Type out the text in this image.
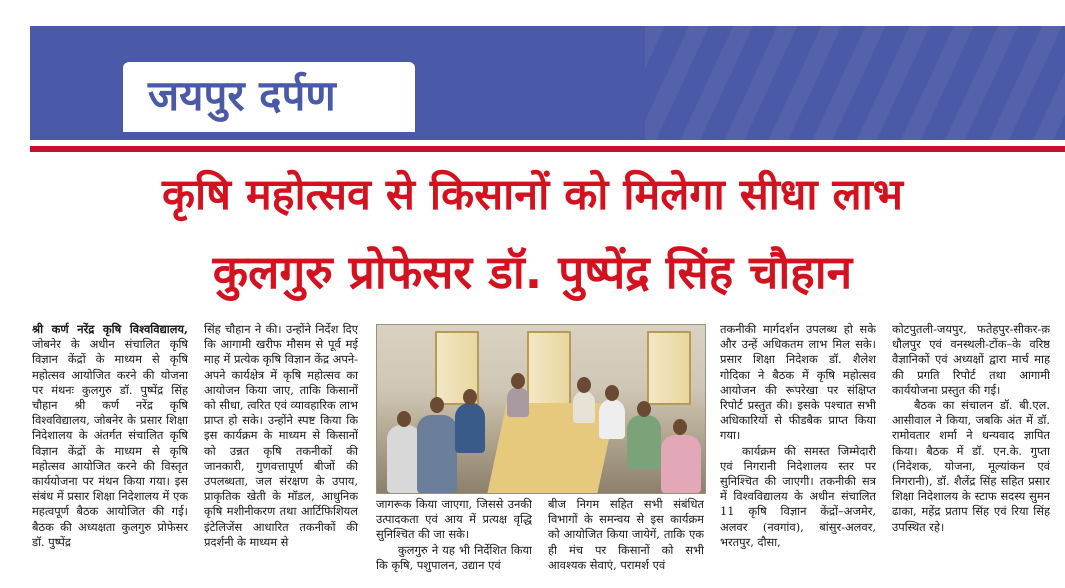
जयपुर दर्पण
कृषि महोत्सव से किसानों को मिलेगा सीधा लाभ
कुलगुरु प्रोफेसर डॉ. पुष्पेंद्र सिंह चौहान

श्री कर्ण नरेंद्र कृषि विश्वविद्यालय, जोबनेर के अधीन संचालित कृषि विज्ञान केंद्रों के माध्यम से कृषि महोत्सव आयोजित करने की योजना पर मंथनः कुलगुरु डॉ. पुष्पेंद्र सिंह चौहान श्री कर्ण नरेंद्र कृषि विश्वविद्यालय, जोबनेर के प्रसार शिक्षा निदेशालय के अंतर्गत संचालित कृषि विज्ञान केंद्रों के माध्यम से कृषि महोत्सव आयोजित करने की विस्तृत कार्ययोजना पर मंथन किया गया। इस संबंध में प्रसार शिक्षा निदेशालय में एक महत्वपूर्ण बैठक आयोजित की गई। बैठक की अध्यक्षता कुलगुरु प्रोफेसर डॉ. पुष्पेंद्र

सिंह चौहान ने की। उन्होंने निर्देश दिए कि आगामी खरीफ मौसम से पूर्व मई माह में प्रत्येक कृषि विज्ञान केंद्र अपने-अपने कार्यक्षेत्र में कृषि महोत्सव का आयोजन किया जाए, ताकि किसानों को सीधा, त्वरित एवं व्यावहारिक लाभ प्राप्त हो सके। उन्होंने स्पष्ट किया कि इस कार्यक्रम के माध्यम से किसानों को उन्नत कृषि तकनीकों की जानकारी, गुणवत्तापूर्ण बीजों की उपलब्धता, जल संरक्षण के उपाय, प्राकृतिक खेती के मॉडल, आधुनिक कृषि मशीनीकरण तथा आर्टिफिशियल इंटेलिजेंस आधारित तकनीकों की प्रदर्शनी के माध्यम से

जागरूक किया जाएगा, जिससे उनकी उत्पादकता एवं आय में प्रत्यक्ष वृद्धि सुनिश्चित की जा सके।

कुलगुरु ने यह भी निर्देशित किया कि कृषि, पशुपालन, उद्यान एवं

बीज निगम सहित सभी संबंधित विभागों के समन्वय से इस कार्यक्रम को आयोजित किया जायेगें, ताकि एक ही मंच पर किसानों को सभी आवश्यक सेवाएं, परामर्श एवं

तकनीकी मार्गदर्शन उपलब्ध हो सके और उन्हें अधिकतम लाभ मिल सके। प्रसार शिक्षा निदेशक डॉ. शैलेश गोदिका ने बैठक में कृषि महोत्सव आयोजन की रूपरेखा पर संक्षिप्त रिपोर्ट प्रस्तुत की। इसके पश्चात सभी अधिकारियों से फीडबैक प्राप्त किया गया।

कार्यक्रम की समस्त जिम्मेदारी एवं निगरानी निदेशालय स्तर पर सुनिश्चित की जाएगी। तकनीकी सत्र में विश्वविद्यालय के अधीन संचालित 11 कृषि विज्ञान केंद्रों–अजमेर, अलवर (नवगांव), बांसुर-अलवर, भरतपुर, दौसा,

कोटपुतली-जयपुर, फतेहपुर-सीकर-क़ धौलपुर एवं वनस्थली-टोंक–के वरिष्ठ वैज्ञानिकों एवं अध्यक्षों द्वारा मार्च माह की प्रगति रिपोर्ट तथा आगामी कार्ययोजना प्रस्तुत की गई।

बैठक का संचालन डॉ. बी.एल. आसीवाल ने किया, जबकि अंत में डॉ. रामोवतार शर्मा ने धन्यवाद ज्ञापित किया। बैठक में डॉ. एन.के. गुप्ता (निदेशक, योजना, मूल्यांकन एवं निगरानी), डॉ. शैलेंद्र सिंह सहित प्रसार शिक्षा निदेशालय के स्टाफ सदस्य सुमन ढाका, महेंद्र प्रताप सिंह एवं रिया सिंह उपस्थित रहे।
